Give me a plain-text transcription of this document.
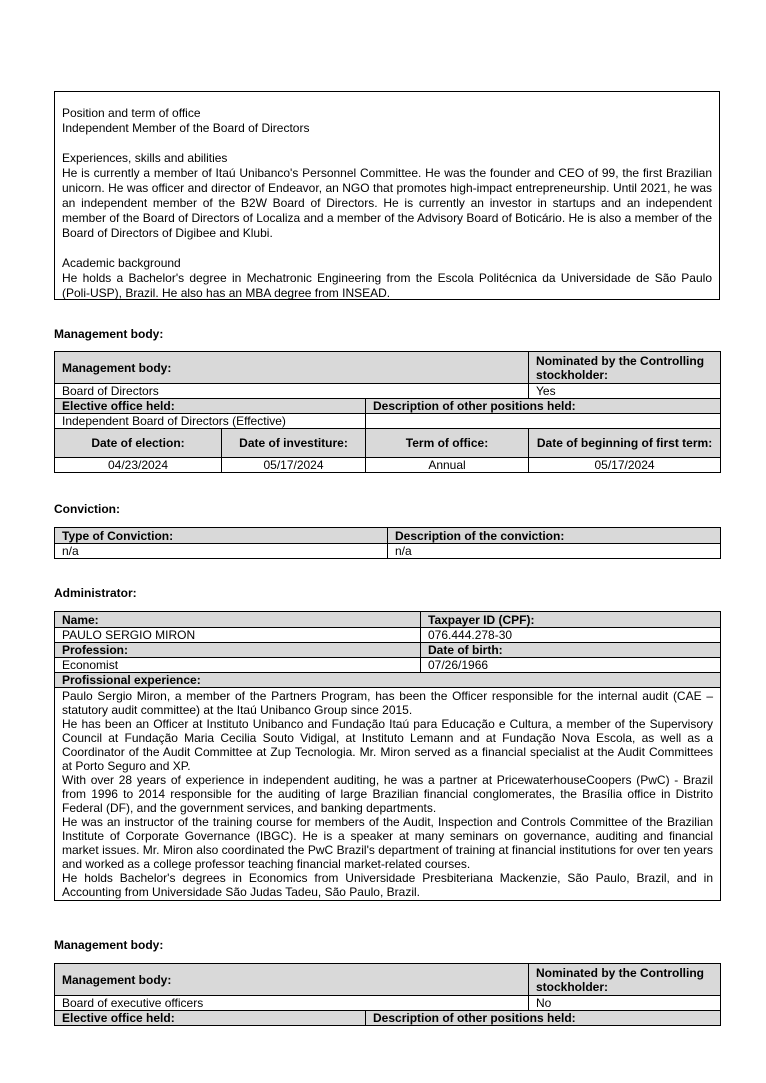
Position and term of office

Independent Member of the Board of Directors

Experiences, skills and abilities

He is currently a member of Itaú Unibanco's Personnel Committee. He was the founder and CEO of 99, the first Brazilian unicorn. He was officer and director of Endeavor, an NGO that promotes high-impact entrepreneurship. Until 2021, he was an independent member of the B2W Board of Directors. He is currently an investor in startups and an independent member of the Board of Directors of Localiza and a member of the Advisory Board of Boticário. He is also a member of the Board of Directors of Digibee and Klubi.

Academic background

He holds a Bachelor's degree in Mechatronic Engineering from the Escola Politécnica da Universidade de São Paulo (Poli-USP), Brazil. He also has an MBA degree from INSEAD.

Management body:
Management body:			Nominated by the Controlling stockholder:
Board of Directors			Yes
Elective office held:		Description of other positions held:	
Independent Board of Directors (Effective)			
Date of election:	Date of investiture:	Term of office:	Date of beginning of first term:
04/23/2024	05/17/2024	Annual	05/17/2024
Conviction:
Type of Conviction:	Description of the conviction:
n/a	n/a
Administrator:
Name:	Taxpayer ID (CPF):
PAULO SERGIO MIRON	076.444.278-30
Profession:	Date of birth:
Economist	07/26/1966
Profissional experience:	

Paulo Sergio Miron, a member of the Partners Program, has been the Officer responsible for the internal audit (CAE – statutory audit committee) at the Itaú Unibanco Group since 2015.
He has been an Officer at Instituto Unibanco and Fundação Itaú para Educação e Cultura, a member of the Supervisory Council at Fundação Maria Cecilia Souto Vidigal, at Instituto Lemann and at Fundação Nova Escola, as well as a Coordinator of the Audit Committee at Zup Tecnologia. Mr. Miron served as a financial specialist at the Audit Committees at Porto Seguro and XP.
With over 28 years of experience in independent auditing, he was a partner at PricewaterhouseCoopers (PwC) - Brazil from 1996 to 2014 responsible for the auditing of large Brazilian financial conglomerates, the Brasília office in Distrito Federal (DF), and the government services, and banking departments.
He was an instructor of the training course for members of the Audit, Inspection and Controls Committee of the Brazilian Institute of Corporate Governance (IBGC). He is a speaker at many seminars on governance, auditing and financial market issues. Mr. Miron also coordinated the PwC Brazil's department of training at financial institutions for over ten years and worked as a college professor teaching financial market-related courses.
He holds Bachelor's degrees in Economics from Universidade Presbiteriana Mackenzie, São Paulo, Brazil, and in Accounting from Universidade São Judas Tadeu, São Paulo, Brazil.	
Management body:
Management body:		Nominated by the Controlling stockholder:
Board of executive officers		No
Elective office held:	Description of other positions held:	
